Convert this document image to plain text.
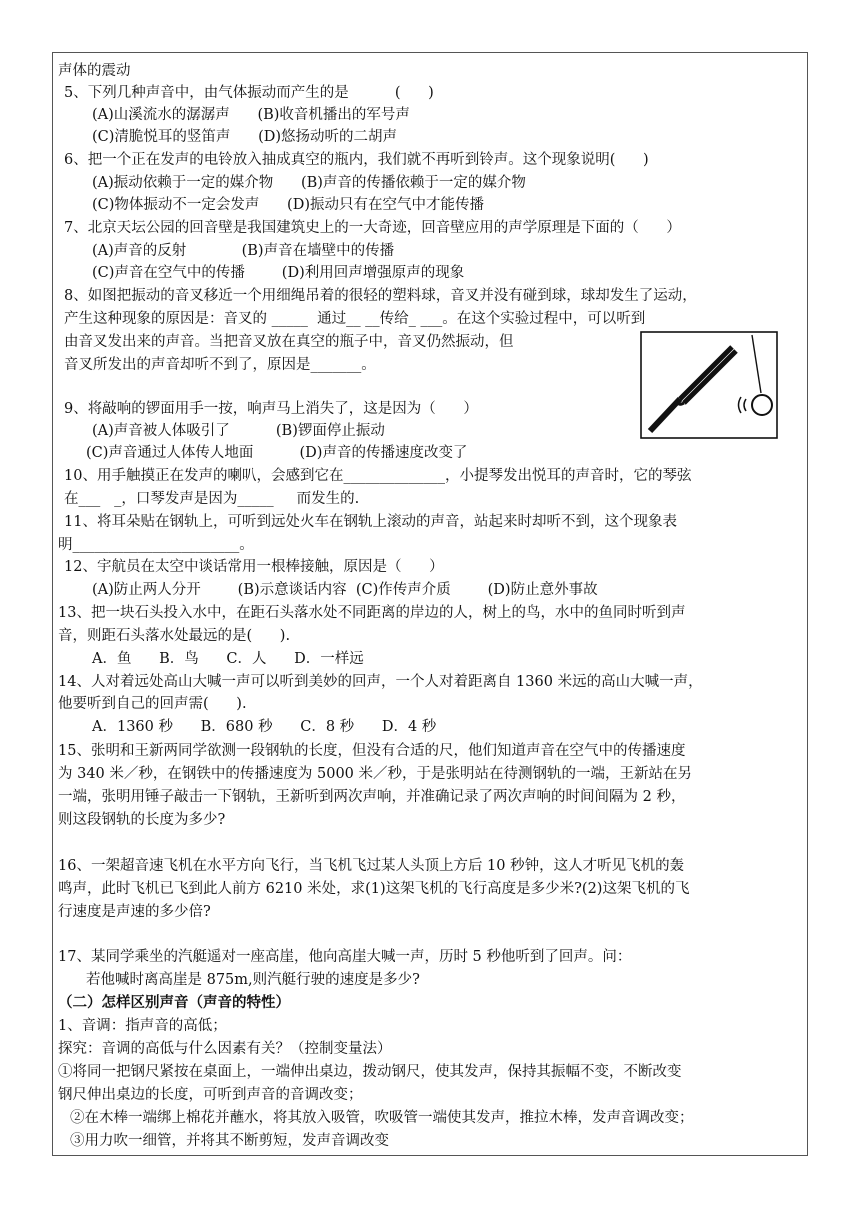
声体的震动
5、下列几种声音中，由气体振动而产生的是          (      )
(A)山溪流水的潺潺声      (B)收音机播出的军号声
(C)清脆悦耳的竖笛声      (D)悠扬动听的二胡声
6、把一个正在发声的电铃放入抽成真空的瓶内，我们就不再听到铃声。这个现象说明(      )
(A)振动依赖于一定的媒介物      (B)声音的传播依赖于一定的媒介物
(C)物体振动不一定会发声      (D)振动只有在空气中才能传播
7、北京天坛公园的回音壁是我国建筑史上的一大奇迹，回音壁应用的声学原理是下面的（      ）
(A)声音的反射            (B)声音在墙壁中的传播
(C)声音在空气中的传播        (D)利用回声增强原声的现象
8、如图把振动的音叉移近一个用细绳吊着的很轻的塑料球，音叉并没有碰到球，球却发生了运动，
产生这种现象的原因是：音叉的 _____  通过__ __传给_ ___。在这个实验过程中，可以听到
由音叉发出来的声音。当把音叉放在真空的瓶子中，音叉仍然振动，但
音叉所发出的声音却听不到了，原因是_______。
9、将敲响的锣面用手一按，响声马上消失了，这是因为（      ）
(A)声音被人体吸引了          (B)锣面停止振动
(C)声音通过人体传人地面          (D)声音的传播速度改变了
10、用手触摸正在发声的喇叭，会感到它在______________，小提琴发出悦耳的声音时，它的琴弦
在___   _，口琴发声是因为_____     而发生的.
11、将耳朵贴在钢轨上，可听到远处火车在钢轨上滚动的声音，站起来时却听不到，这个现象表
明_______________________。
12、宇航员在太空中谈话常用一根棒接触，原因是（      ）
(A)防止两人分开        (B)示意谈话内容  (C)作传声介质        (D)防止意外事故
13、把一块石头投入水中，在距石头落水处不同距离的岸边的人，树上的鸟，水中的鱼同时听到声
音，则距石头落水处最远的是(      ).
A．鱼      B．鸟      C．人      D．一样远
14、人对着远处高山大喊一声可以听到美妙的回声，一个人对着距离自 1360 米远的高山大喊一声，
他要听到自己的回声需(      ).
A．1360 秒      B．680 秒      C．8 秒      D．4 秒
15、张明和王新两同学欲测一段钢轨的长度，但没有合适的尺，他们知道声音在空气中的传播速度
为 340 米／秒，在钢铁中的传播速度为 5000 米／秒，于是张明站在待测钢轨的一端，王新站在另
一端，张明用锤子敲击一下钢轨，王新听到两次声响，并准确记录了两次声响的时间间隔为 2 秒，
则这段钢轨的长度为多少?
16、一架超音速飞机在水平方向飞行，当飞机飞过某人头顶上方后 10 秒钟，这人才听见飞机的轰
鸣声，此时飞机已飞到此人前方 6210 米处，求(1)这架飞机的飞行高度是多少米?(2)这架飞机的飞
行速度是声速的多少倍?
17、某同学乘坐的汽艇遥对一座高崖，他向高崖大喊一声，历时 5 秒他听到了回声。问：
若他喊时离高崖是 875m,则汽艇行驶的速度是多少?
（二）怎样区别声音（声音的特性）
1、音调：指声音的高低；
探究：音调的高低与什么因素有关？（控制变量法）
①将同一把钢尺紧按在桌面上，一端伸出桌边，拨动钢尺，使其发声，保持其振幅不变，不断改变
钢尺伸出桌边的长度，可听到声音的音调改变；
②在木棒一端绑上棉花并蘸水，将其放入吸管，吹吸管一端使其发声，推拉木棒，发声音调改变；
③用力吹一细管，并将其不断剪短，发声音调改变
